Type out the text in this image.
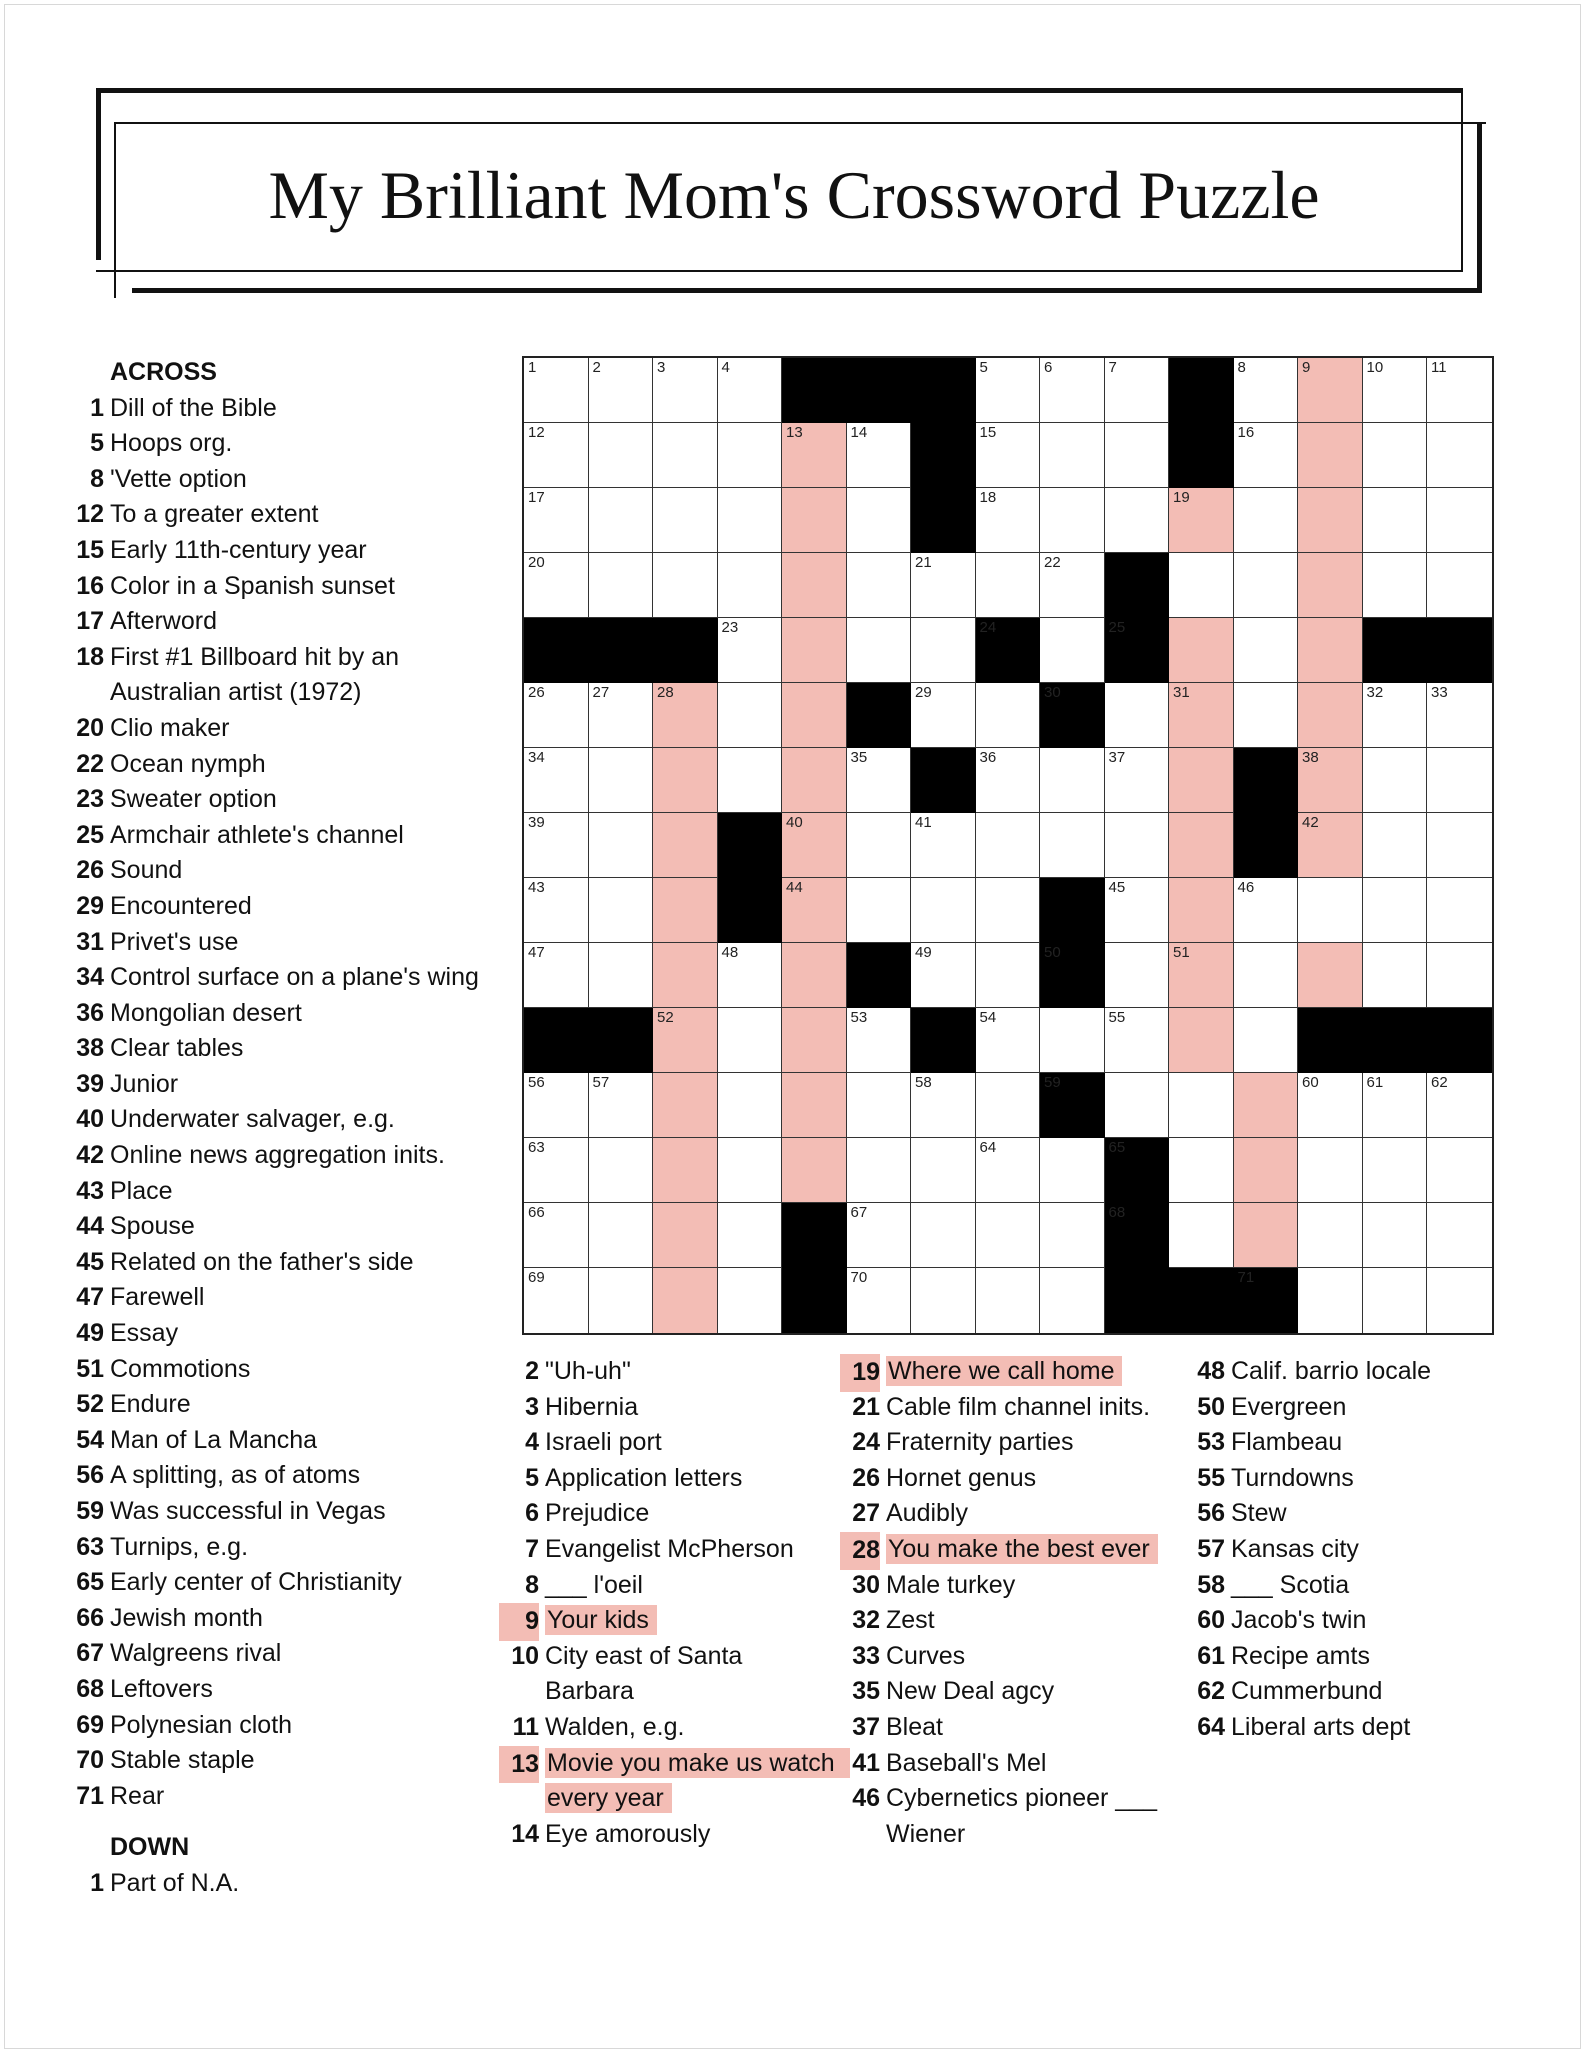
My Brilliant Mom's Crossword Puzzle
ACROSS
1 Dill of the Bible
5 Hoops org.
8 'Vette option
12 To a greater extent
15 Early 11th-century year
16 Color in a Spanish sunset
17 Afterword
18 First #1 Billboard hit by an Australian artist (1972)
20 Clio maker
22 Ocean nymph
23 Sweater option
25 Armchair athlete's channel
26 Sound
29 Encountered
31 Privet's use
34 Control surface on a plane's wing
36 Mongolian desert
38 Clear tables
39 Junior
40 Underwater salvager, e.g.
42 Online news aggregation inits.
43 Place
44 Spouse
45 Related on the father's side
47 Farewell
49 Essay
51 Commotions
52 Endure
54 Man of La Mancha
56 A splitting, as of atoms
59 Was successful in Vegas
63 Turnips, e.g.
65 Early center of Christianity
66 Jewish month
67 Walgreens rival
68 Leftovers
69 Polynesian cloth
70 Stable staple
71 Rear
DOWN
1 Part of N.A.
2 "Uh-uh"
3 Hibernia
4 Israeli port
5 Application letters
6 Prejudice
7 Evangelist McPherson
8 ___ l'oeil
9 Your kids
10 City east of Santa Barbara
11 Walden, e.g.
13 Movie you make us watch every year
14 Eye amorously
19 Where we call home
21 Cable film channel inits.
24 Fraternity parties
26 Hornet genus
27 Audibly
28 You make the best ever
30 Male turkey
32 Zest
33 Curves
35 New Deal agcy
37 Bleat
41 Baseball's Mel
46 Cybernetics pioneer ___ Wiener
48 Calif. barrio locale
50 Evergreen
53 Flambeau
55 Turndowns
56 Stew
57 Kansas city
58 ___ Scotia
60 Jacob's twin
61 Recipe amts
62 Cummerbund
64 Liberal arts dept
1	2	3	4	5	6	7	8	9	10	11
12	13	14	15	16
17	18	19
20	21	22
23	24	25
26	27	28	29	30	31	32	33
34	35	36	37	38
39	40	41	42
43	44	45	46
47	48	49	50	51
52	53	54	55
56	57	58	59	60	61	62
63	64	65
66	67	68
69	70	71
